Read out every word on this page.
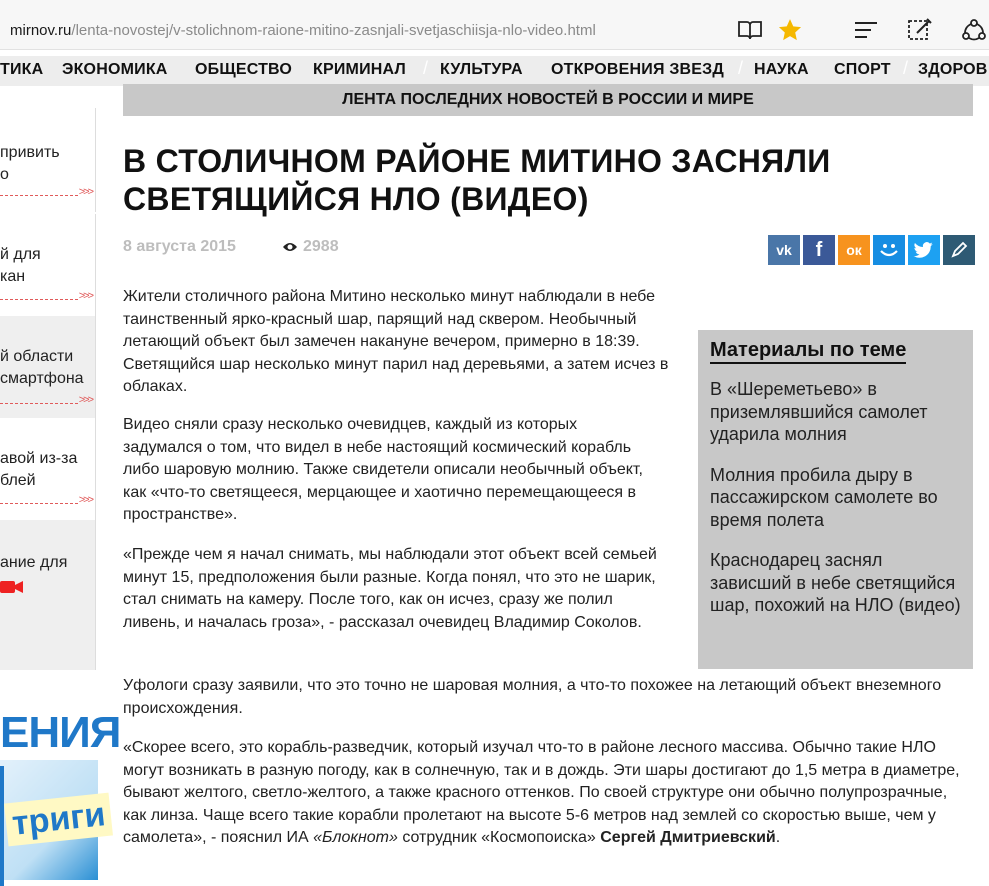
mirnov.ru/lenta-novostej/v-stolichnom-raione-mitino-zasnjali-svetjaschiisja-nlo-video.html
ТИКА ЭКОНОМИКА ОБЩЕСТВО КРИМИНАЛ / КУЛЬТУРА ОТКРОВЕНИЯ ЗВЕЗД / НАУКА СПОРТ / ЗДОРОВ
привить
о
>>>
й для
кан
>>>
й области
смартфона
>>>
авой из-за
блей
>>>
ание для
ЕНИЯ
триги
ЛЕНТА ПОСЛЕДНИХ НОВОСТЕЙ В РОССИИ И МИРЕ
В СТОЛИЧНОМ РАЙОНЕ МИТИНО ЗАСНЯЛИ СВЕТЯЩИЙСЯ НЛО (ВИДЕО)
8 августа 2015	2988	vk f ок

Жители столичного района Митино несколько минут наблюдали в небе таинственный ярко-красный шар, парящий над сквером. Необычный летающий объект был замечен накануне вечером, примерно в 18:39. Светящийся шар несколько минут парил над деревьями, а затем исчез в облаках.

Видео сняли сразу несколько очевидцев, каждый из которых задумался о том, что видел в небе настоящий космический корабль либо шаровую молнию. Также свидетели описали необычный объект, как «что-то светящееся, мерцающее и хаотично перемещающееся в пространстве».

«Прежде чем я начал снимать, мы наблюдали этот объект всей семьей минут 15, предположения были разные. Когда понял, что это не шарик, стал снимать на камеру. После того, как он исчез, сразу же полил ливень, и началась гроза», - рассказал очевидец Владимир Соколов.

Уфологи сразу заявили, что это точно не шаровая молния, а что-то похожее на летающий объект внеземного происхождения.

«Скорее всего, это корабль-разведчик, который изучал что-то в районе лесного массива. Обычно такие НЛО могут возникать в разную погоду, как в солнечную, так и в дождь. Эти шары достигают до 1,5 метра в диаметре, бывают желтого, светло-желтого, а также красного оттенков. По своей структуре они обычно полупрозрачные, как линза. Чаще всего такие корабли пролетают на высоте 5-6 метров над землей со скоростью выше, чем у самолета», - пояснил ИА «Блокнот» сотрудник «Космопоиска» Сергей Дмитриевский.

Материалы по теме
В «Шереметьево» в приземлявшийся самолет ударила молния
Молния пробила дыру в пассажирском самолете во время полета
Краснодарец заснял зависший в небе светящийся шар, похожий на НЛО (видео)
